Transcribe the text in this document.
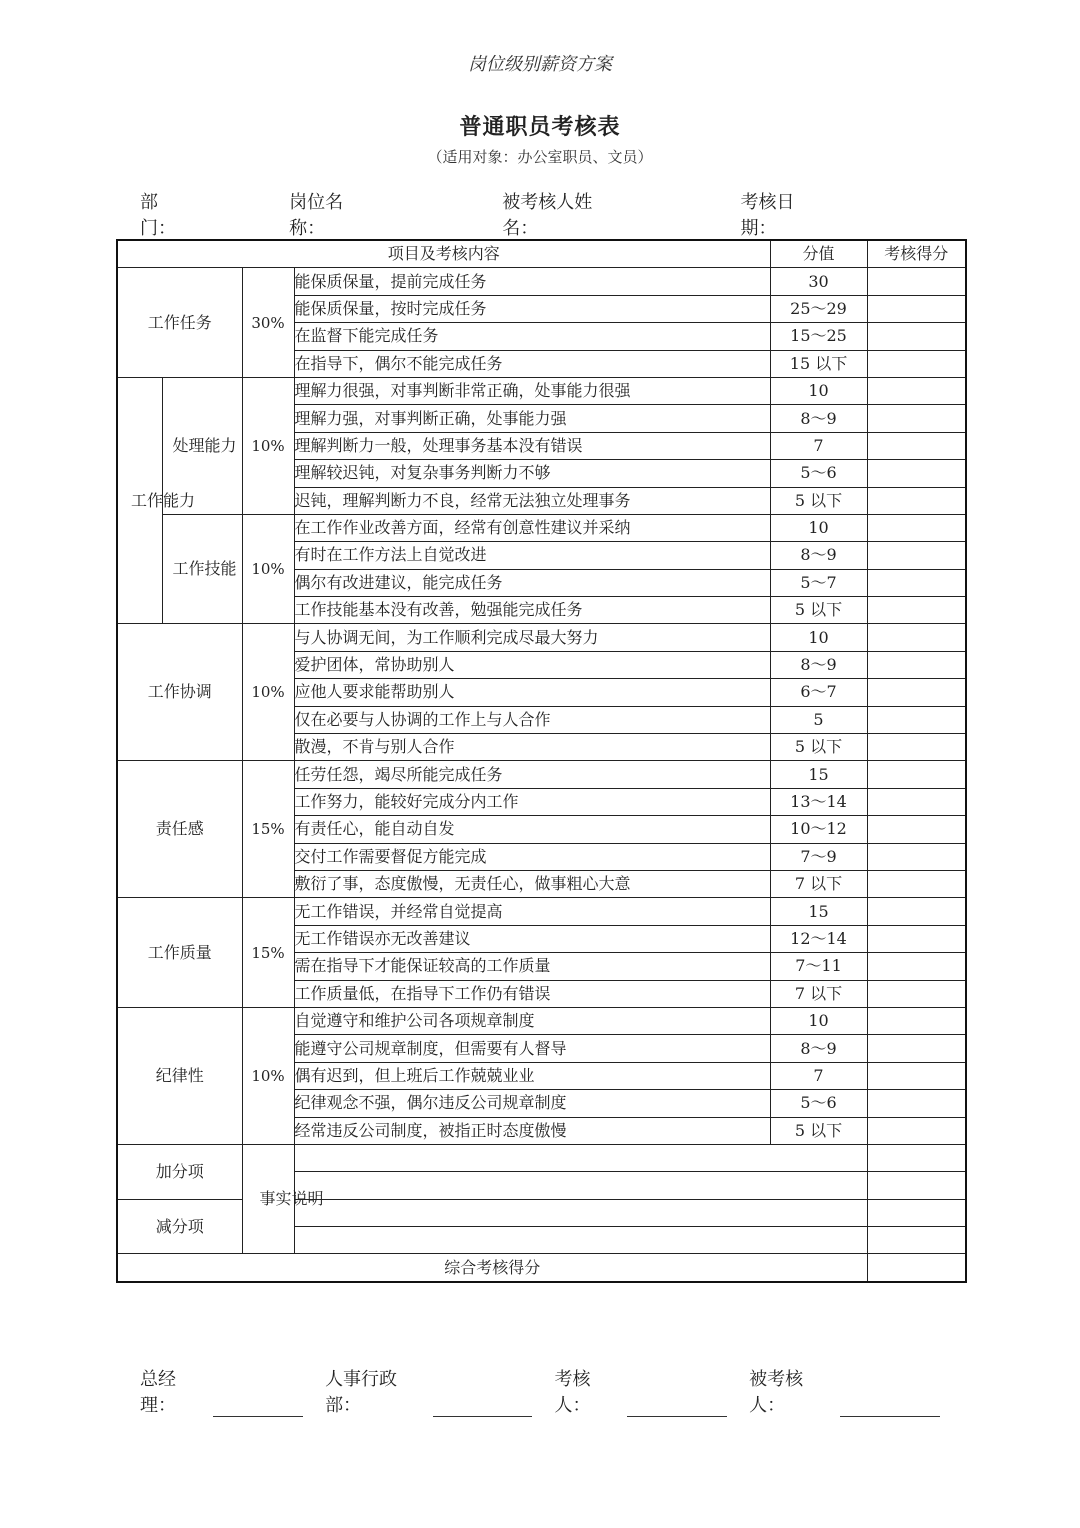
岗位级别薪资方案
普通职员考核表
（适用对象：办公室职员、文员）
部门：
岗位名称：
被考核人姓名：
考核日期：
项目及考核内容				分值	考核得分
工作任务		30%	能保质保量，提前完成任务	30	
			能保质保量，按时完成任务	25～29	
			在监督下能完成任务	15～25	
			在指导下，偶尔不能完成任务	15 以下	
工作能力	处理能力	10%	理解力很强，对事判断非常正确，处事能力很强	10	
			理解力强，对事判断正确，处事能力强	8～9	
			理解判断力一般，处理事务基本没有错误	7	
			理解较迟钝，对复杂事务判断力不够	5～6	
			迟钝，理解判断力不良，经常无法独立处理事务	5 以下	
	工作技能	10%	在工作作业改善方面，经常有创意性建议并采纳	10	
			有时在工作方法上自觉改进	8～9	
			偶尔有改进建议，能完成任务	5～7	
			工作技能基本没有改善，勉强能完成任务	5 以下	
工作协调		10%	与人协调无间，为工作顺利完成尽最大努力	10	
			爱护团体，常协助别人	8～9	
			应他人要求能帮助别人	6～7	
			仅在必要与人协调的工作上与人合作	5	
			散漫，不肯与别人合作	5 以下	
责任感		15%	任劳任怨，竭尽所能完成任务	15	
			工作努力，能较好完成分内工作	13～14	
			有责任心，能自动自发	10～12	
			交付工作需要督促方能完成	7～9	
			敷衍了事，态度傲慢，无责任心，做事粗心大意	7 以下	
工作质量		15%	无工作错误，并经常自觉提高	15	
			无工作错误亦无改善建议	12～14	
			需在指导下才能保证较高的工作质量	7～11	
			工作质量低，在指导下工作仍有错误	7 以下	
纪律性		10%	自觉遵守和维护公司各项规章制度	10	
			能遵守公司规章制度，但需要有人督导	8～9	
			偶有迟到，但上班后工作兢兢业业	7	
			纪律观念不强，偶尔违反公司规章制度	5～6	
			经常违反公司制度，被指正时态度傲慢	5 以下	
加分项		事实说明			

减分项					

综合考核得分					
总经理：
人事行政部：
考核人：
被考核人：
